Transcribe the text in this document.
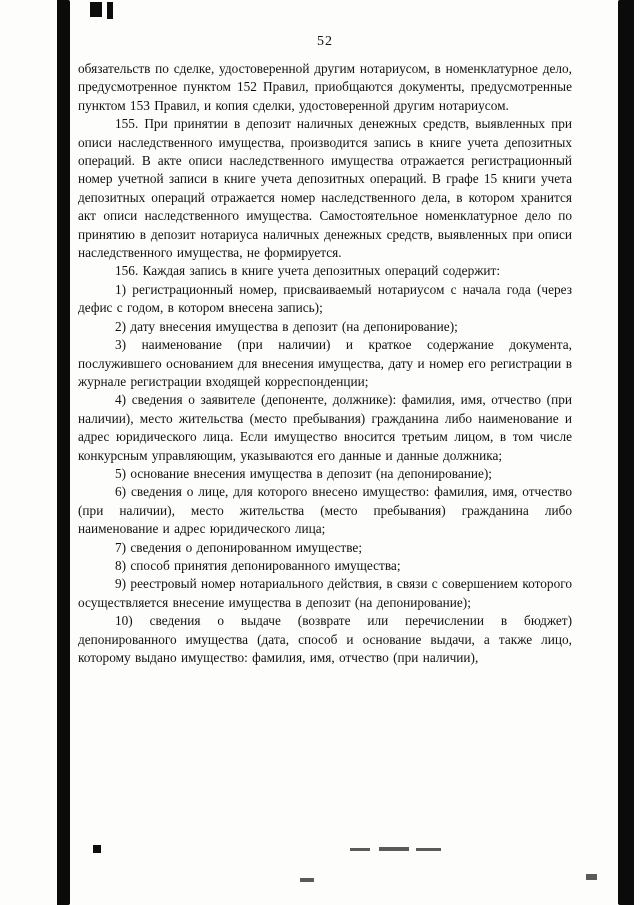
52

обязательств по сделке, удостоверенной другим нотариусом, в номенклатурное дело, предусмотренное пунктом 152 Правил, приобщаются документы, предусмотренные пунктом 153 Правил, и копия сделки, удостоверенной другим нотариусом.

155. При принятии в депозит наличных денежных средств, выявленных при описи наследственного имущества, производится запись в книге учета депозитных операций. В акте описи наследственного имущества отражается регистрационный номер учетной записи в книге учета депозитных операций. В графе 15 книги учета депозитных операций отражается номер наследственного дела, в котором хранится акт описи наследственного имущества. Самостоятельное номенклатурное дело по принятию в депозит нотариуса наличных денежных средств, выявленных при описи наследственного имущества, не формируется.

156. Каждая запись в книге учета депозитных операций содержит:

1) регистрационный номер, присваиваемый нотариусом с начала года (через дефис с годом, в котором внесена запись);

2) дату внесения имущества в депозит (на депонирование);

3) наименование (при наличии) и краткое содержание документа, послужившего основанием для внесения имущества, дату и номер его регистрации в журнале регистрации входящей корреспонденции;

4) сведения о заявителе (депоненте, должнике): фамилия, имя, отчество (при наличии), место жительства (место пребывания) гражданина либо наименование и адрес юридического лица. Если имущество вносится третьим лицом, в том числе конкурсным управляющим, указываются его данные и данные должника;

5) основание внесения имущества в депозит (на депонирование);

6) сведения о лице, для которого внесено имущество: фамилия, имя, отчество (при наличии), место жительства (место пребывания) гражданина либо наименование и адрес юридического лица;

7) сведения о депонированном имуществе;

8) способ принятия депонированного имущества;

9) реестровый номер нотариального действия, в связи с совершением которого осуществляется внесение имущества в депозит (на депонирование);

10) сведения о выдаче (возврате или перечислении в бюджет) депонированного имущества (дата, способ и основание выдачи, а также лицо, которому выдано имущество: фамилия, имя, отчество (при наличии),
